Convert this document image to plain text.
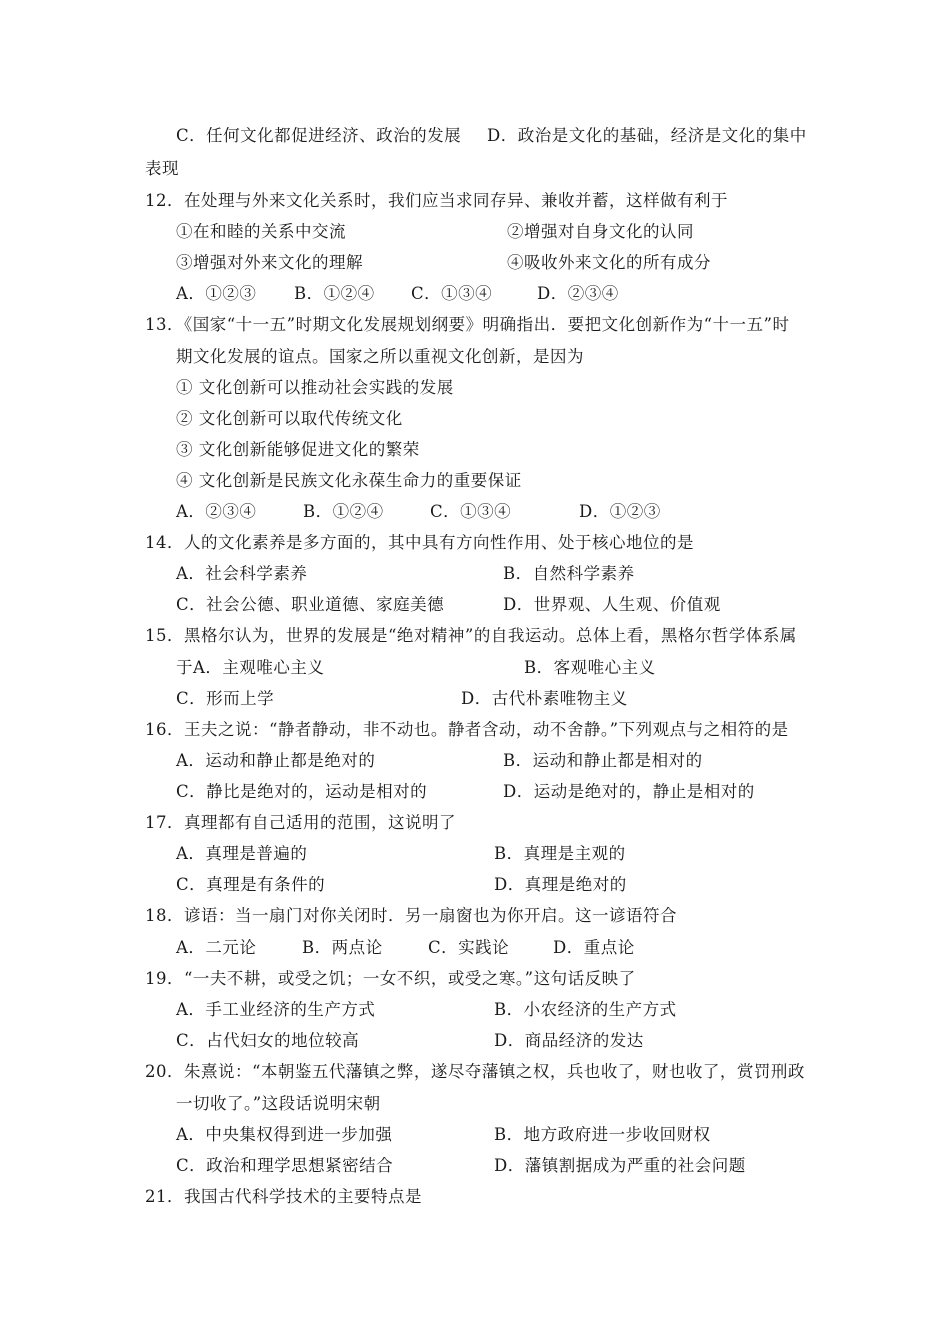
C．任何文化都促进经济、政治的发展 D．政治是文化的基础，经济是文化的集中
表现
12．在处理与外来文化关系时，我们应当求同存异、兼收并蓄，这样做有利于
①在和睦的关系中交流	②增强对自身文化的认同
③增强对外来文化的理解	④吸收外来文化的所有成分
A．①②③ B．①②④ C．①③④	D．②③④
13．《国家“十一五”时期文化发展规划纲要》明确指出．要把文化创新作为“十一五”时
期文化发展的谊点。国家之所以重视文化创新，是因为
① 文化创新可以推动社会实践的发展
② 文化创新可以取代传统文化
③ 文化创新能够促进文化的繁荣
④ 文化创新是民族文化永葆生命力的重要保证
A．②③④	B．①②④	C．①③④	D．①②③
14．人的文化素养是多方面的，其中具有方向性作用、处于核心地位的是
A．社会科学素养	B．自然科学素养
C．社会公德、职业道德、家庭美德	D．世界观、人生观、价值观
15．黑格尔认为，世界的发展是“绝对精神”的自我运动。总体上看，黑格尔哲学体系属
于A．主观唯心主义	B．客观唯心主义
C．形而上学	D．古代朴素唯物主义
16．王夫之说：“静者静动，非不动也。静者含动，动不舍静。”下列观点与之相符的是
A．运动和静止都是绝对的	B．运动和静止都是相对的
C．静比是绝对的，运动是相对的	D．运动是绝对的，静止是相对的
17．真理都有自己适用的范围，这说明了
A．真理是普遍的	B．真理是主观的
C．真理是有条件的	D．真理是绝对的
18．谚语：当一扇门对你关闭时．另一扇窗也为你开启。这一谚语符合
A．二元论	B．两点论	C．实践论	D．重点论
19．“一夫不耕，或受之饥；一女不织，或受之寒。”这句话反映了
A．手工业经济的生产方式	B．小农经济的生产方式
C．占代妇女的地位较高	D．商品经济的发达
20．朱熹说：“本朝鉴五代藩镇之弊，遂尽夺藩镇之权，兵也收了，财也收了，赏罚刑政
一切收了。”这段话说明宋朝
A．中央集权得到进一步加强	B．地方政府进一步收回财权
C．政治和理学思想紧密结合	D．藩镇割据成为严重的社会问题
21．我国古代科学技术的主要特点是
